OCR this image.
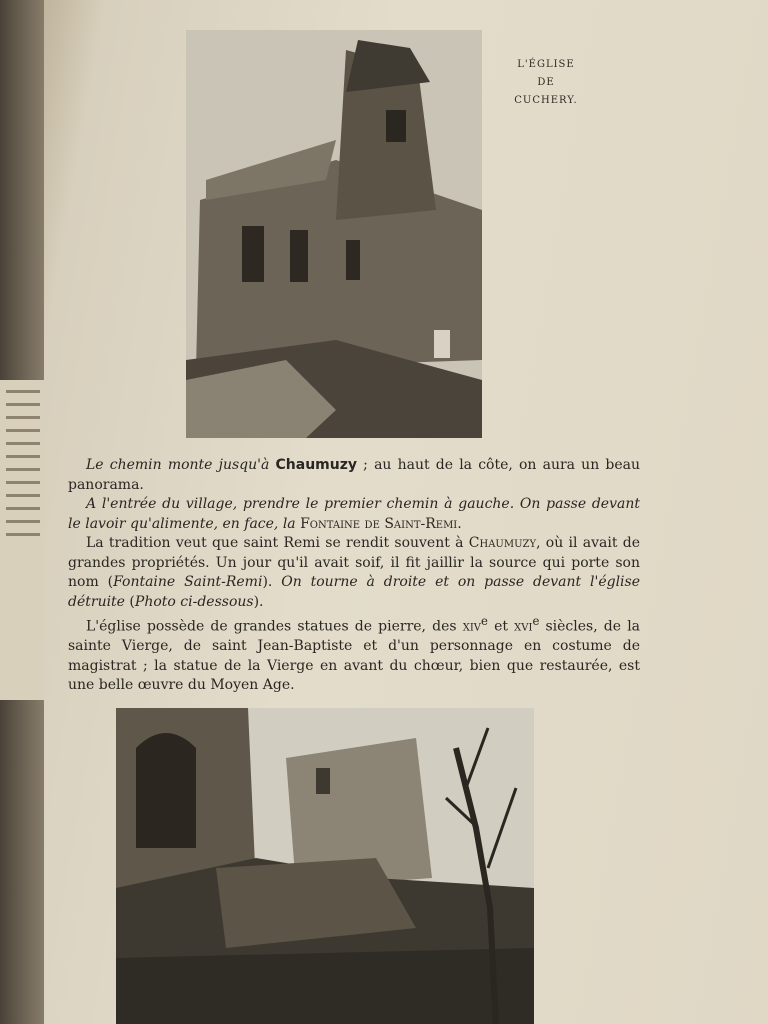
L'ÉGLISE
DE
CUCHERY.

Le chemin monte jusqu'à Chaumuzy ; au haut de la côte, on aura un beau panorama.

A l'entrée du village, prendre le premier chemin à gauche. On passe devant le lavoir qu'alimente, en face, la Fontaine de Saint-Remi.

La tradition veut que saint Remi se rendit souvent à Chaumuzy, où il avait de grandes propriétés. Un jour qu'il avait soif, il fit jaillir la source qui porte son nom (Fontaine Saint-Remi). On tourne à droite et on passe devant l'église détruite (Photo ci-dessous).

L'église possède de grandes statues de pierre, des xiv$^e$ et xvi$^e$ siècles, de la sainte Vierge, de saint Jean-Baptiste et d'un personnage en costume de magistrat ; la statue de la Vierge en avant du chœur, bien que restaurée, est une belle œuvre du Moyen Age.
